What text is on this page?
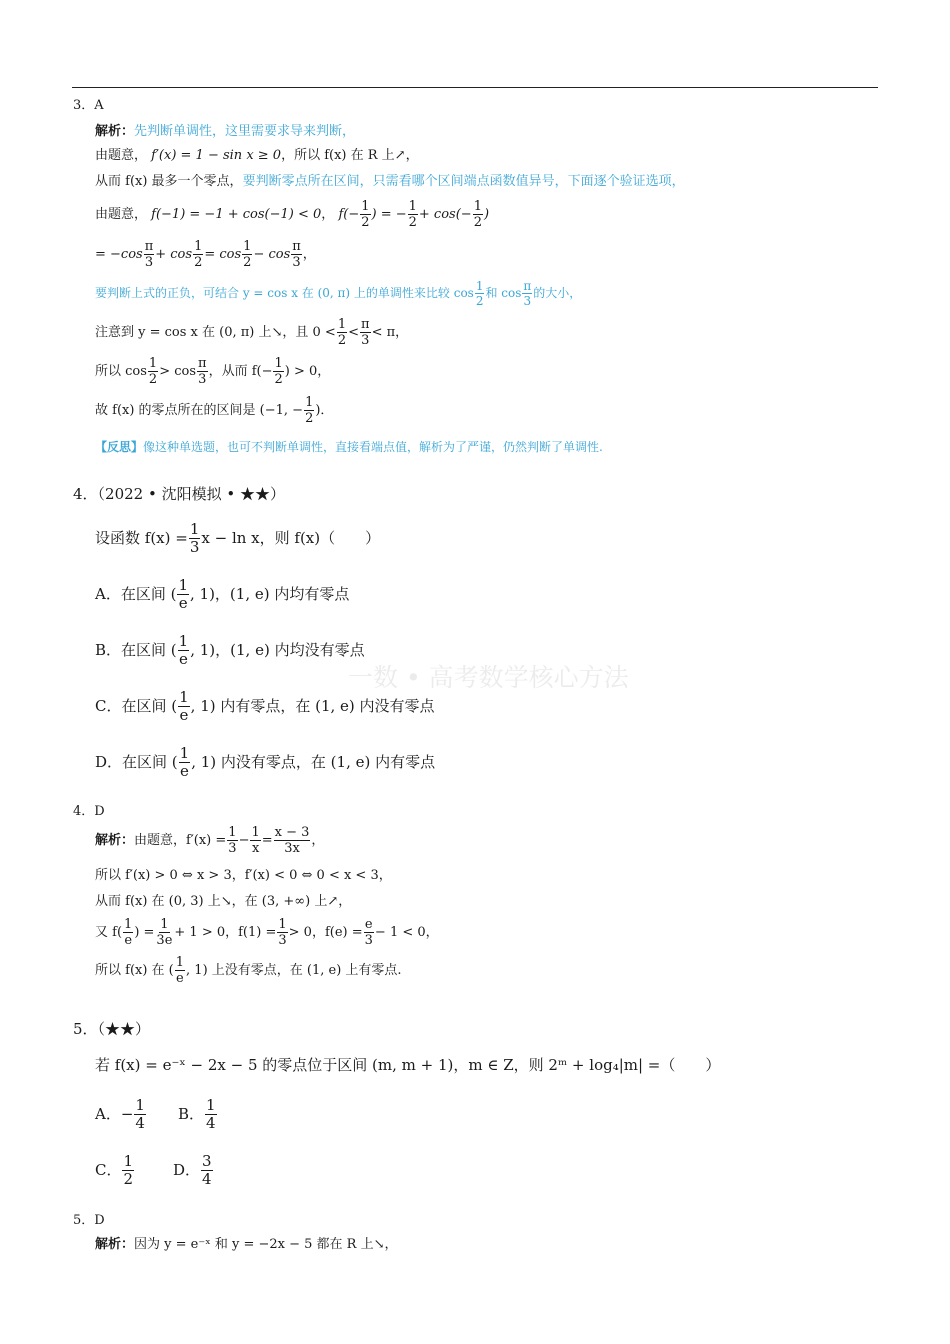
一数 • 高考数学核心方法
3．A
解析：先判断单调性，这里需要求导来判断，
由题意， f′(x) = 1 − sin x ≥ 0，所以 f(x) 在 R 上↗，
从而 f(x) 最多一个零点，要判断零点所在区间，只需看哪个区间端点函数值异号，下面逐个验证选项，
由题意，
f(−1) = −1 + cos(−1) < 0 ，
$f(- \frac{1}{2}$ ) = − $\frac{1}{2} + \cos(- \frac{1}{2}$ )
= $-\cos \frac{\pi}{3} + \cos \frac{1}{2} = \cos \frac{1}{2} - \cos \frac{\pi}{3}$ ，
要判断上式的正负，可结合 y = cos x 在 (0, π) 上的单调性来比较 $\cos \frac{1}{2}$ 和 $\cos \frac{\pi}{3}$ 的大小，
注意到 y = cos x 在 (0, π) 上↘，且 $0 < \frac{1}{2} < \frac{\pi}{3} < \pi$，
所以 $\cos \frac{1}{2} > \cos \frac{\pi}{3}$ ，从而 $f(- \frac{1}{2}$ ) > 0，
故 f(x) 的零点所在的区间是 (−1, − $\frac{1}{2}$ )．
【反思】像这种单选题，也可不判断单调性，直接看端点值，解析为了严谨，仍然判断了单调性.
4．（2022 • 沈阳模拟 • ★★）
设函数 $f(x) = \frac{1}{3}$ x − ln x，则 f(x)（　　）
A．在区间 ( $\frac{1}{e}$ , 1)，(1, e) 内均有零点
B．在区间 ( $\frac{1}{e}$ , 1)，(1, e) 内均没有零点
C．在区间 ( $\frac{1}{e}$ , 1) 内有零点，在 (1, e) 内没有零点
D．在区间 ( $\frac{1}{e}$ , 1) 内没有零点，在 (1, e) 内有零点
4．D
解析： 由题意，$f'(x) = \frac{1}{3} - \frac{1}{x} = \frac{x - 3}{3x}$ ，
所以 f′(x) > 0 ⇔ x > 3，f′(x) < 0 ⇔ 0 < x < 3，
从而 f(x) 在 (0, 3) 上↘，在 (3, +∞) 上↗，
又 $f( \frac{1}{e}$ ) = $\frac{1}{3e} + 1 > 0$，$f(1) = \frac{1}{3} > 0$，$f(e) = \frac{e}{3} - 1 < 0$，
所以 f(x) 在 ( $\frac{1}{e}$ , 1) 上没有零点，在 (1, e) 上有零点.
5．（★★）
若 f(x) = e⁻ˣ − 2x − 5 的零点位于区间 (m, m + 1)，m ∈ Z，则 2ᵐ + log₄|m| =（　　）
A．− $\frac{1}{4}$ B． $\frac{1}{4}$
C． $\frac{1}{2}$	D． $\frac{3}{4}$
5．D
解析：因为 y = e⁻ˣ 和 y = −2x − 5 都在 R 上↘，
